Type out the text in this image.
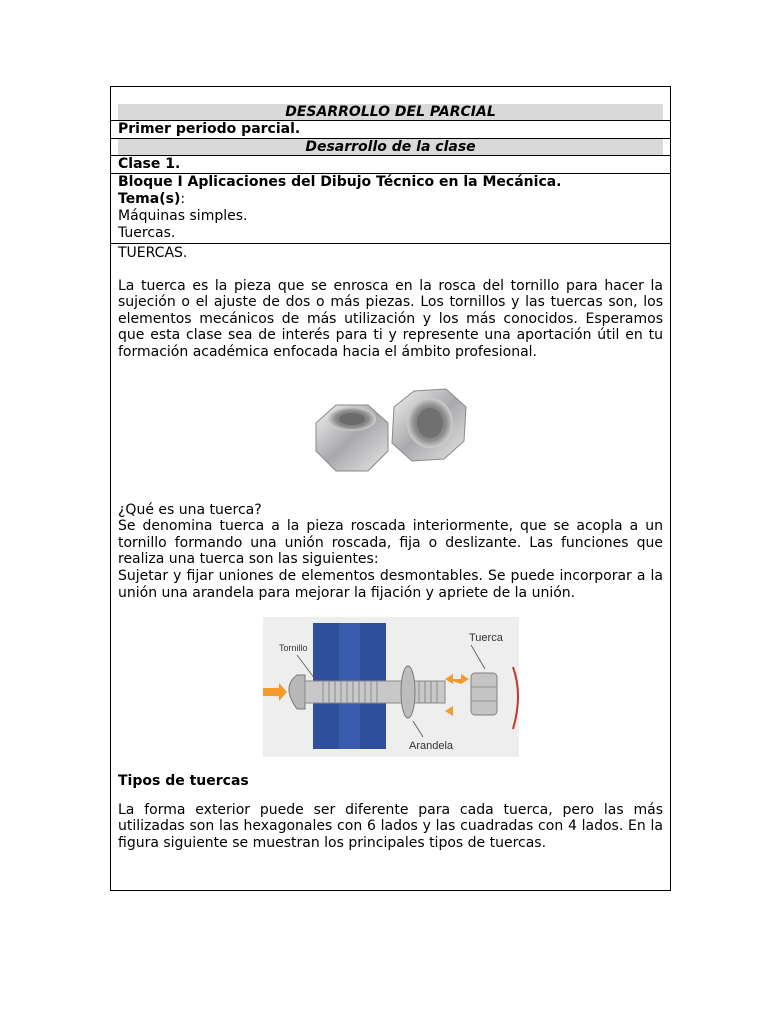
DESARROLLO DEL PARCIAL
Primer periodo parcial.
Desarrollo de la clase
Clase 1.
Bloque I Aplicaciones del Dibujo Técnico en la Mecánica.
Tema(s):
Máquinas simples.
Tuercas.

TUERCAS.

La tuerca es la pieza que se enrosca en la rosca del tornillo para hacer la sujeción o el ajuste de dos o más piezas. Los tornillos y las tuercas son, los elementos mecánicos de más utilización y los más conocidos. Esperamos que esta clase sea de interés para ti y represente una aportación útil en tu formación académica enfocada hacia el ámbito profesional.

¿Qué es una tuerca?

Se denomina tuerca a la pieza roscada interiormente, que se acopla a un tornillo formando una unión roscada, fija o deslizante. Las funciones que realiza una tuerca son las siguientes:

Sujetar y fijar uniones de elementos desmontables. Se puede incorporar a la unión una arandela para mejorar la fijación y apriete de la unión.

Tornillo
Tuerca
Arandela

Tipos de tuercas

La forma exterior puede ser diferente para cada tuerca, pero las más utilizadas son las hexagonales con 6 lados y las cuadradas con 4 lados. En la figura siguiente se muestran los principales tipos de tuercas.
